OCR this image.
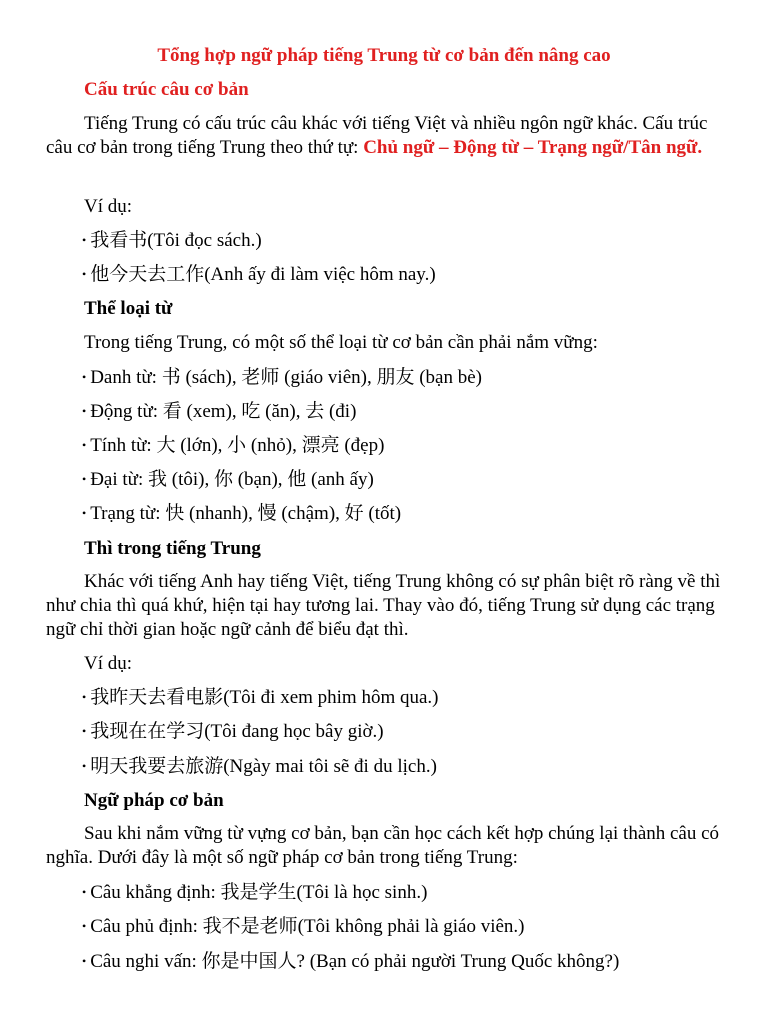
Tổng hợp ngữ pháp tiếng Trung từ cơ bản đến nâng cao
Cấu trúc câu cơ bản
Tiếng Trung có cấu trúc câu khác với tiếng Việt và nhiều ngôn ngữ khác. Cấu trúc câu cơ bản trong tiếng Trung theo thứ tự: Chủ ngữ – Động từ – Trạng ngữ/Tân ngữ.
Ví dụ:
• 我看书(Tôi đọc sách.)
• 他今天去工作(Anh ấy đi làm việc hôm nay.)
Thể loại từ
Trong tiếng Trung, có một số thể loại từ cơ bản cần phải nắm vững:
• Danh từ: 书 (sách), 老师 (giáo viên), 朋友 (bạn bè)
• Động từ: 看 (xem), 吃 (ăn), 去 (đi)
• Tính từ: 大 (lớn), 小 (nhỏ), 漂亮 (đẹp)
• Đại từ: 我 (tôi), 你 (bạn), 他 (anh ấy)
• Trạng từ: 快 (nhanh), 慢 (chậm), 好 (tốt)
Thì trong tiếng Trung
Khác với tiếng Anh hay tiếng Việt, tiếng Trung không có sự phân biệt rõ ràng về thì như chia thì quá khứ, hiện tại hay tương lai. Thay vào đó, tiếng Trung sử dụng các trạng ngữ chỉ thời gian hoặc ngữ cảnh để biểu đạt thì.
Ví dụ:
• 我昨天去看电影(Tôi đi xem phim hôm qua.)
• 我现在在学习(Tôi đang học bây giờ.)
• 明天我要去旅游(Ngày mai tôi sẽ đi du lịch.)
Ngữ pháp cơ bản
Sau khi nắm vững từ vựng cơ bản, bạn cần học cách kết hợp chúng lại thành câu có nghĩa. Dưới đây là một số ngữ pháp cơ bản trong tiếng Trung:
• Câu khẳng định: 我是学生(Tôi là học sinh.)
• Câu phủ định: 我不是老师(Tôi không phải là giáo viên.)
• Câu nghi vấn: 你是中国人? (Bạn có phải người Trung Quốc không?)
